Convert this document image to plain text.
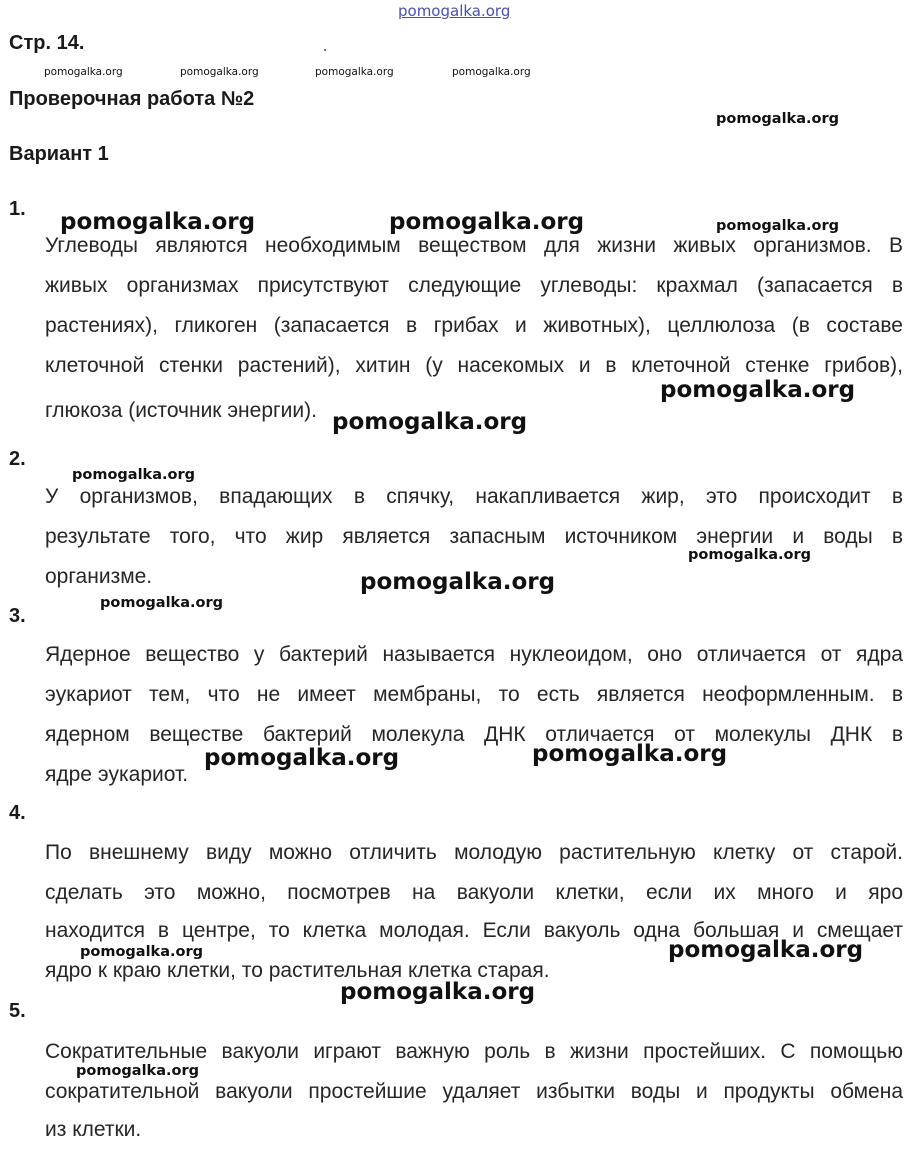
Стр. 14.
Проверочная работа №2
Вариант 1
1.
Углеводы являются необходимым веществом для жизни живых организмов. В
живых организмах присутствуют следующие углеводы: крахмал (запасается в
растениях), гликоген (запасается в грибах и животных), целлюлоза (в составе
клеточной стенки растений), хитин (у насекомых и в клеточной стенке грибов),
глюкоза (источник энергии).
2.
У организмов, впадающих в спячку, накапливается жир, это происходит в
результате того, что жир является запасным источником энергии и воды в
организме.
3.
Ядерное вещество у бактерий называется нуклеоидом, оно отличается от ядра
эукариот тем, что не имеет мембраны, то есть является неоформленным. в
ядерном веществе бактерий молекула ДНК отличается от молекулы ДНК в
ядре эукариот.
4.
По внешнему виду можно отличить молодую растительную клетку от старой.
сделать это можно, посмотрев на вакуоли клетки, если их много и яро
находится в центре, то клетка молодая. Если вакуоль одна большая и смещает
ядро к краю клетки, то растительная клетка старая.
5.
Сократительные вакуоли играют важную роль в жизни простейших. С помощью
сократительной вакуоли простейшие удаляет избытки воды и продукты обмена
из клетки.
pomogalka.org
pomogalka.org	pomogalka.org	pomogalka.org	pomogalka.org
pomogalka.org
pomogalka.org	pomogalka.org	pomogalka.org
pomogalka.org
pomogalka.org
pomogalka.org
pomogalka.org
pomogalka.org
pomogalka.org
pomogalka.org
pomogalka.org
pomogalka.org	pomogalka.org
pomogalka.org
pomogalka.org
